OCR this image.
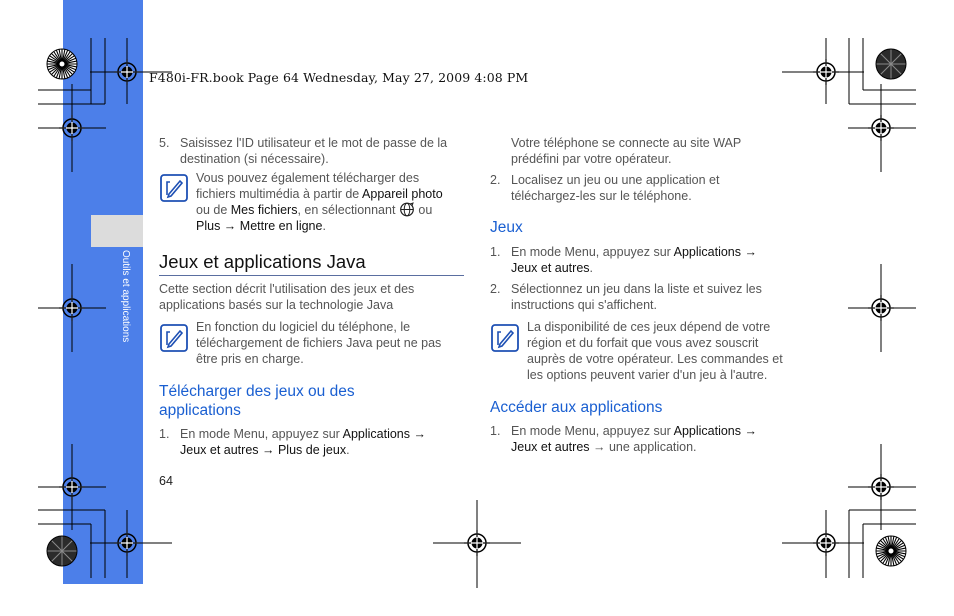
Outils et applications
F480i-FR.book Page 64 Wednesday, May 27, 2009 4:08 PM
5. Saisissez l'ID utilisateur et le mot de passe de la
destination (si nécessaire).
Vous pouvez également télécharger des
fichiers multimédia à partir de Appareil photo
ou de Mes fichiers, en sélectionnant  ou
Plus → Mettre en ligne.
Jeux et applications Java
Cette section décrit l'utilisation des jeux et des
applications basés sur la technologie Java
En fonction du logiciel du téléphone, le
téléchargement de fichiers Java peut ne pas
être pris en charge.
Télécharger des jeux ou des
applications
1. En mode Menu, appuyez sur Applications →
Jeux et autres → Plus de jeux.
64
Votre téléphone se connecte au site WAP
prédéfini par votre opérateur.
2. Localisez un jeu ou une application et
téléchargez-les sur le téléphone.
Jeux
1. En mode Menu, appuyez sur Applications →
Jeux et autres.
2. Sélectionnez un jeu dans la liste et suivez les
instructions qui s'affichent.
La disponibilité de ces jeux dépend de votre
région et du forfait que vous avez souscrit
auprès de votre opérateur. Les commandes et
les options peuvent varier d'un jeu à l'autre.
Accéder aux applications
1. En mode Menu, appuyez sur Applications →
Jeux et autres → une application.
